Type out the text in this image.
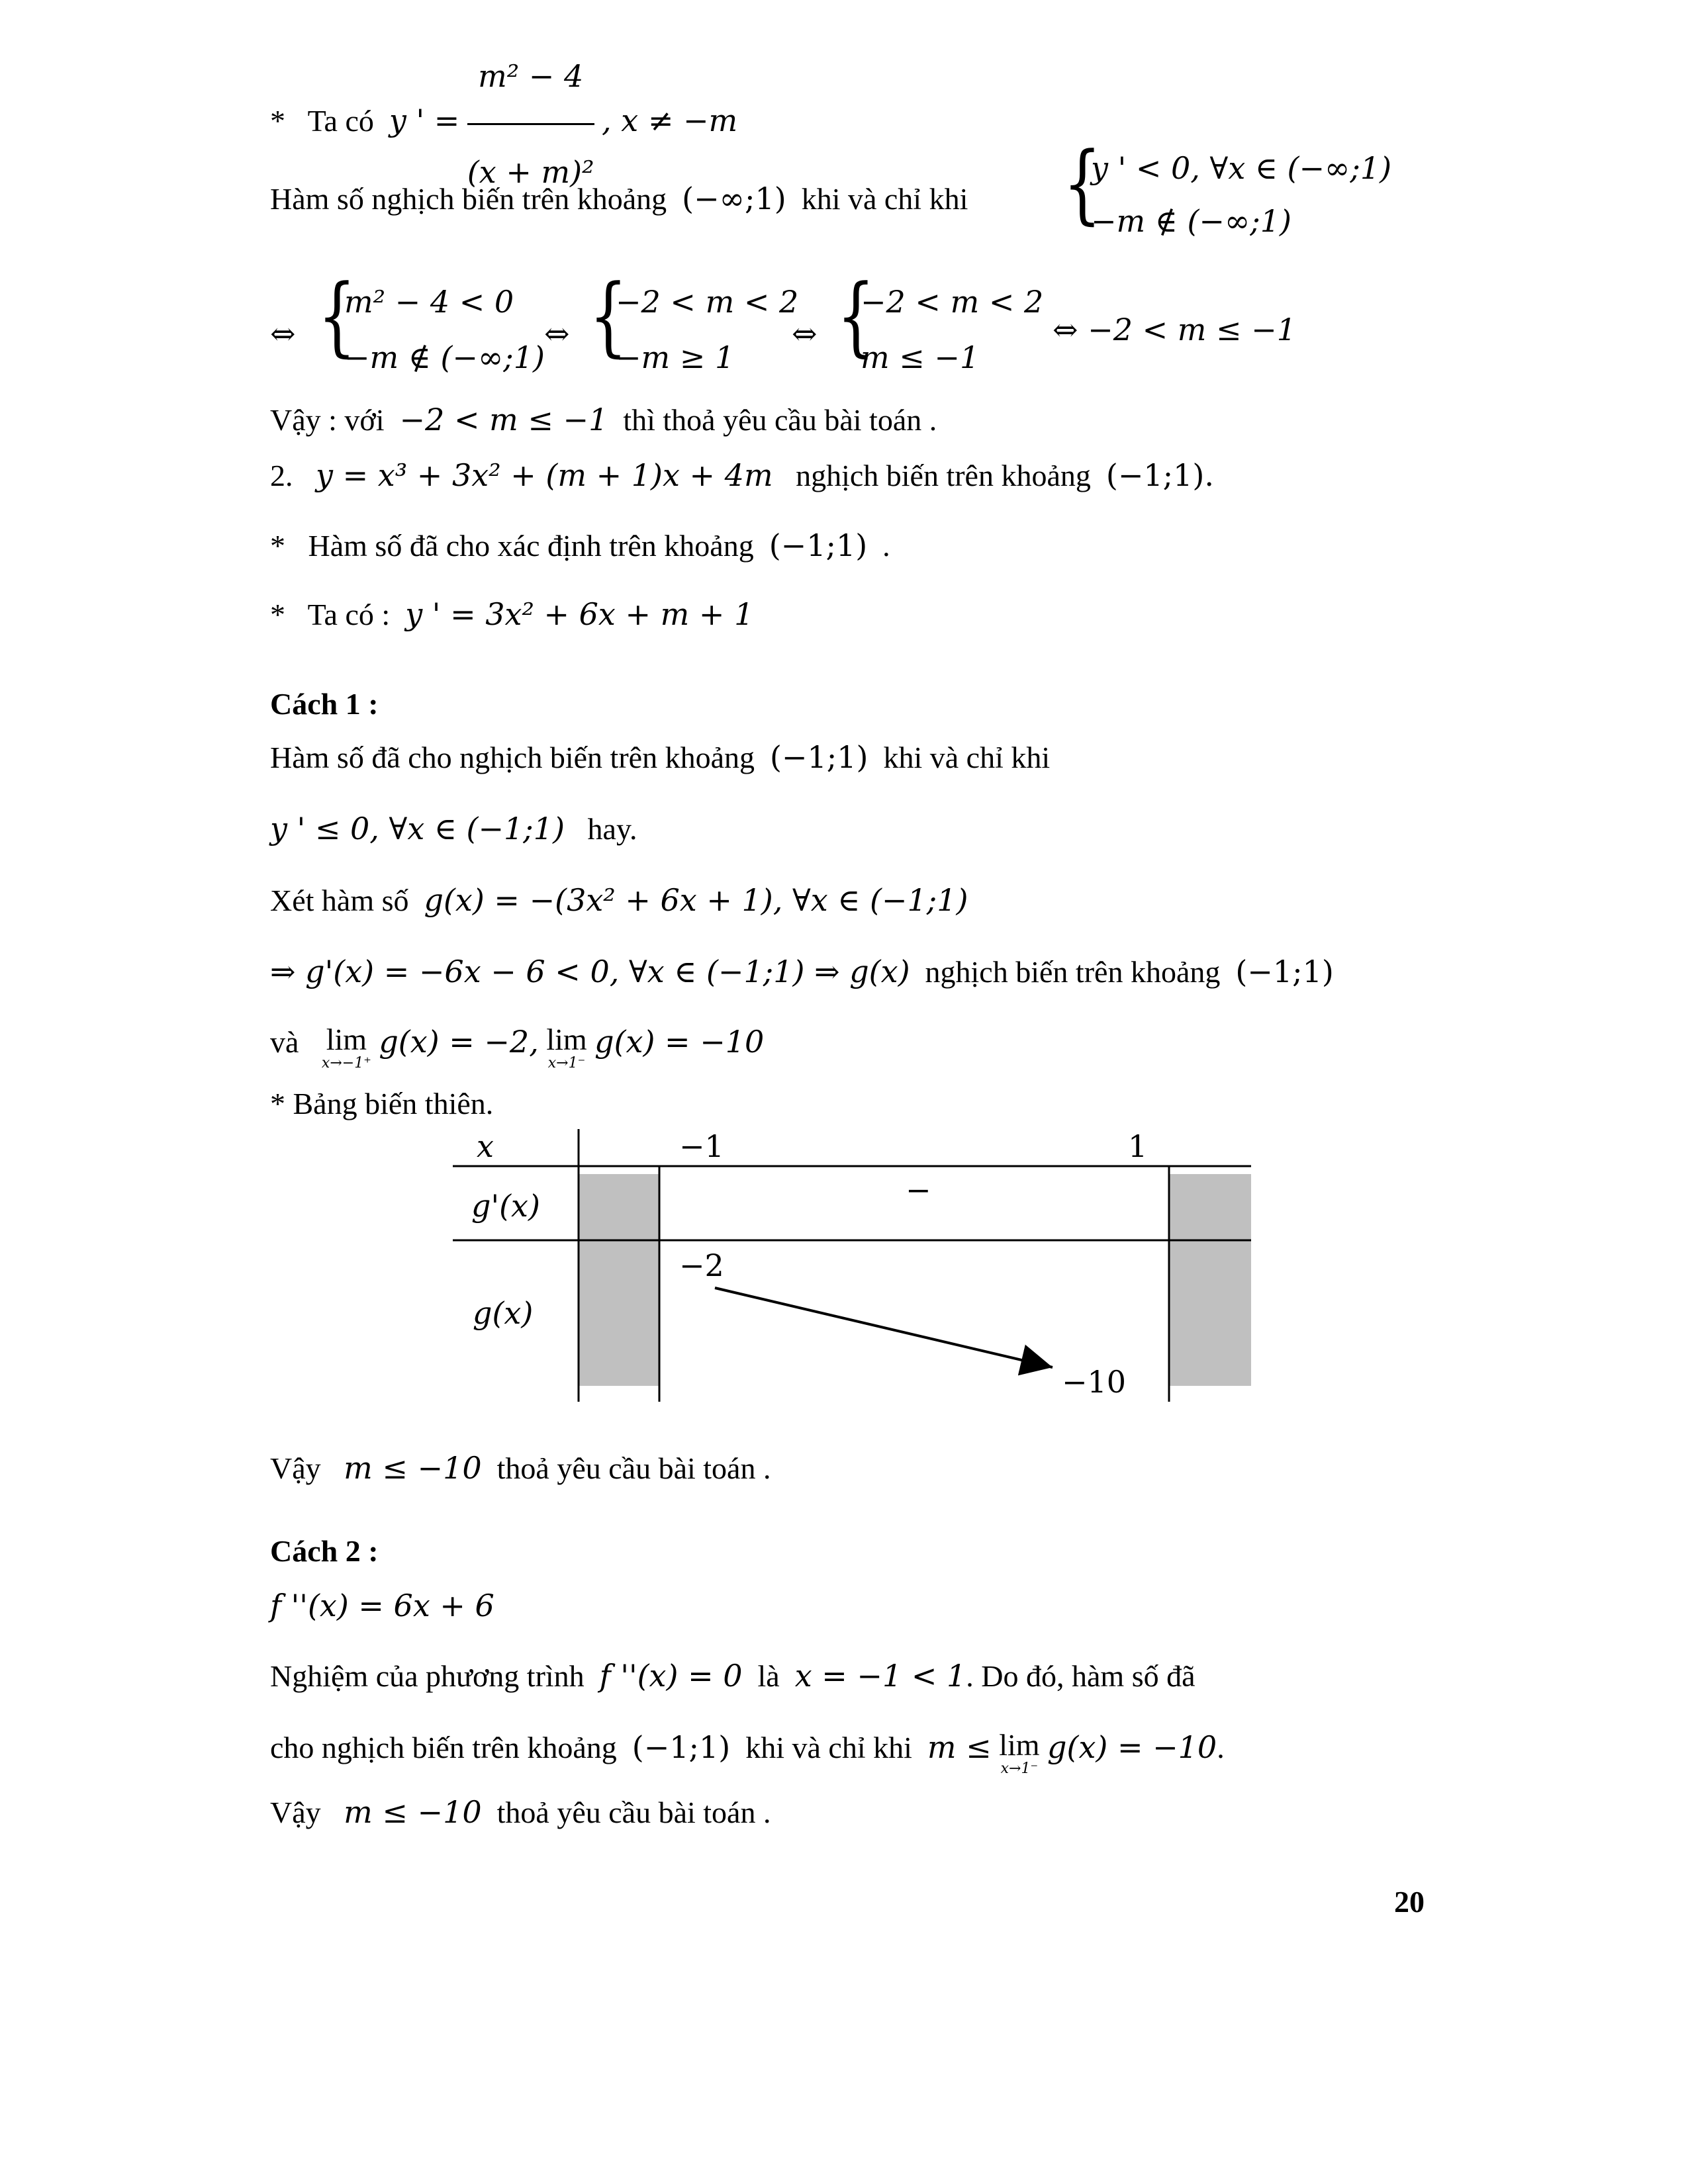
* Ta có y ' = $\frac{\text{m² − 4}}{\text{(x + m)²}}$ , x ≠ −m
Hàm số nghịch biến trên khoảng (−∞;1) khi và chỉ khi {
y ' < 0, ∀x ∈ (−∞;1)
−m ∉ (−∞;1)
⇔ {
m² − 4 < 0
−m ∉ (−∞;1)
⇔ {
−2 < m < 2
−m ≥ 1
⇔ {
−2 < m < 2
m ≤ −1
⇔ −2 < m ≤ −1
Vậy : với −2 < m ≤ −1 thì thoả yêu cầu bài toán .
2. y = x³ + 3x² + (m + 1)x + 4m nghịch biến trên khoảng (−1;1).
* Hàm số đã cho xác định trên khoảng (−1;1) .
* Ta có : y ' = 3x² + 6x + m + 1
Cách 1 :
Hàm số đã cho nghịch biến trên khoảng (−1;1) khi và chỉ khi
y ' ≤ 0, ∀x ∈ (−1;1) hay.
Xét hàm số g(x) = −(3x² + 6x + 1), ∀x ∈ (−1;1)
⇒ g'(x) = −6x − 6 < 0, ∀x ∈ (−1;1) ⇒ g(x) nghịch biến trên khoảng (−1;1)
và lim
x→−1⁺
g(x) = −2, lim
x→1⁻
g(x) = −10
* Bảng biến thiên.
x
g'(x)
g(x)
−1	1
−
−2
−10
Vậy m ≤ −10 thoả yêu cầu bài toán .
Cách 2 :
f ''(x) = 6x + 6
Nghiệm của phương trình f ''(x) = 0 là x = −1 < 1. Do đó, hàm số đã
cho nghịch biến trên khoảng (−1;1) khi và chỉ khi m ≤ lim
x→1⁻
g(x) = −10.
Vậy m ≤ −10 thoả yêu cầu bài toán .
20
